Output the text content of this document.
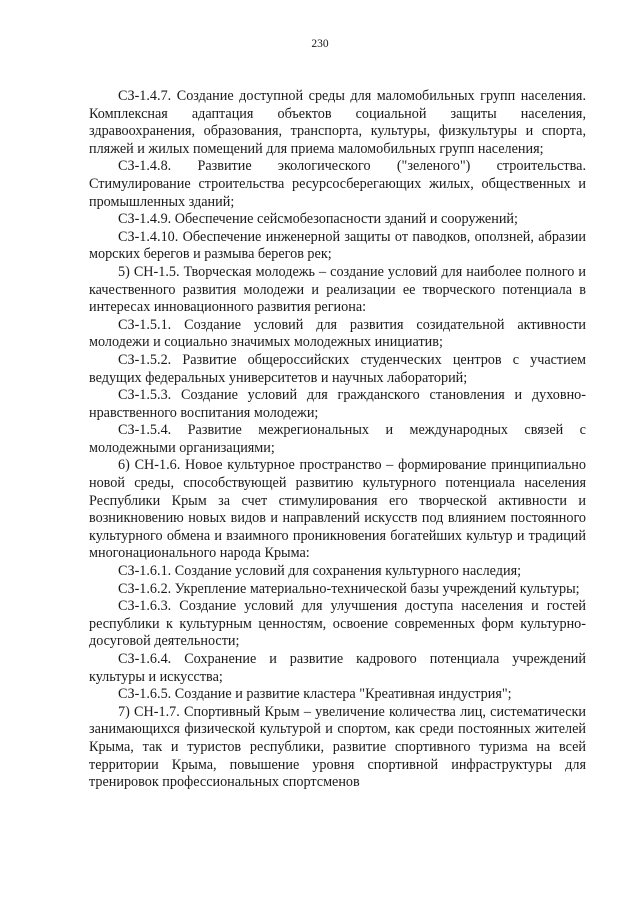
230

СЗ-1.4.7. Создание доступной среды для маломобильных групп населения. Комплексная адаптация объектов социальной защиты населения, здравоохранения, образования, транспорта, культуры, физкультуры и спорта, пляжей и жилых помещений для приема маломобильных групп населения;

СЗ-1.4.8. Развитие экологического ("зеленого") строительства. Стимулирование строительства ресурсосберегающих жилых, общественных и промышленных зданий;

СЗ-1.4.9. Обеспечение сейсмобезопасности зданий и сооружений;

СЗ-1.4.10. Обеспечение инженерной защиты от паводков, оползней, абразии морских берегов и размыва берегов рек;

5) СН-1.5. Творческая молодежь – создание условий для наиболее полного и качественного развития молодежи и реализации ее творческого потенциала в интересах инновационного развития региона:

СЗ-1.5.1. Создание условий для развития созидательной активности молодежи и социально значимых молодежных инициатив;

СЗ-1.5.2. Развитие общероссийских студенческих центров с участием ведущих федеральных университетов и научных лабораторий;

СЗ-1.5.3. Создание условий для гражданского становления и духовно-нравственного воспитания молодежи;

СЗ-1.5.4. Развитие межрегиональных и международных связей с молодежными организациями;

6) СН-1.6. Новое культурное пространство – формирование принципиально новой среды, способствующей развитию культурного потенциала населения Республики Крым за счет стимулирования его творческой активности и возникновению новых видов и направлений искусств под влиянием постоянного культурного обмена и взаимного проникновения богатейших культур и традиций многонационального народа Крыма:

СЗ-1.6.1. Создание условий для сохранения культурного наследия;

СЗ-1.6.2. Укрепление материально-технической базы учреждений культуры;

СЗ-1.6.3. Создание условий для улучшения доступа населения и гостей республики к культурным ценностям, освоение современных форм культурно-досуговой деятельности;

СЗ-1.6.4. Сохранение и развитие кадрового потенциала учреждений культуры и искусства;

СЗ-1.6.5. Создание и развитие кластера "Креативная индустрия";

7) СН-1.7. Спортивный Крым – увеличение количества лиц, систематически занимающихся физической культурой и спортом, как среди постоянных жителей Крыма, так и туристов республики, развитие спортивного туризма на всей территории Крыма, повышение уровня спортивной инфраструктуры для тренировок профессиональных спортсменов
